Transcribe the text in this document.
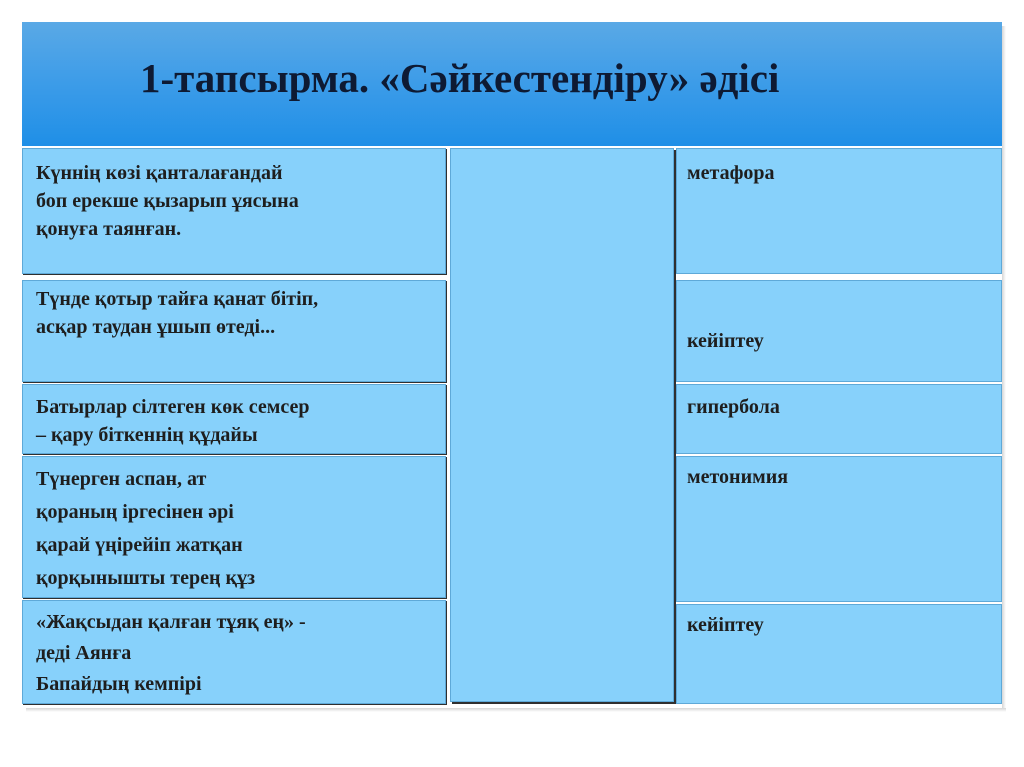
1-тапсырма. «Сәйкестендіру» әдісі
Күннің көзі қанталағандай
боп ерекше қызарып ұясына
қонуға таянған.
Түнде қотыр тайға қанат бітіп,
асқар таудан ұшып өтеді...
Батырлар сілтеген көк семсер
– қару біткеннің құдайы
Түнерген аспан, ат
қораның іргесінен әрі
қарай үңірейіп жатқан
қорқынышты терең құз
«Жақсыдан қалған тұяқ ең» -
деді Аянға
Бапайдың кемпірі
метафора
кейіптеу
гипербола
метонимия
кейіптеу
